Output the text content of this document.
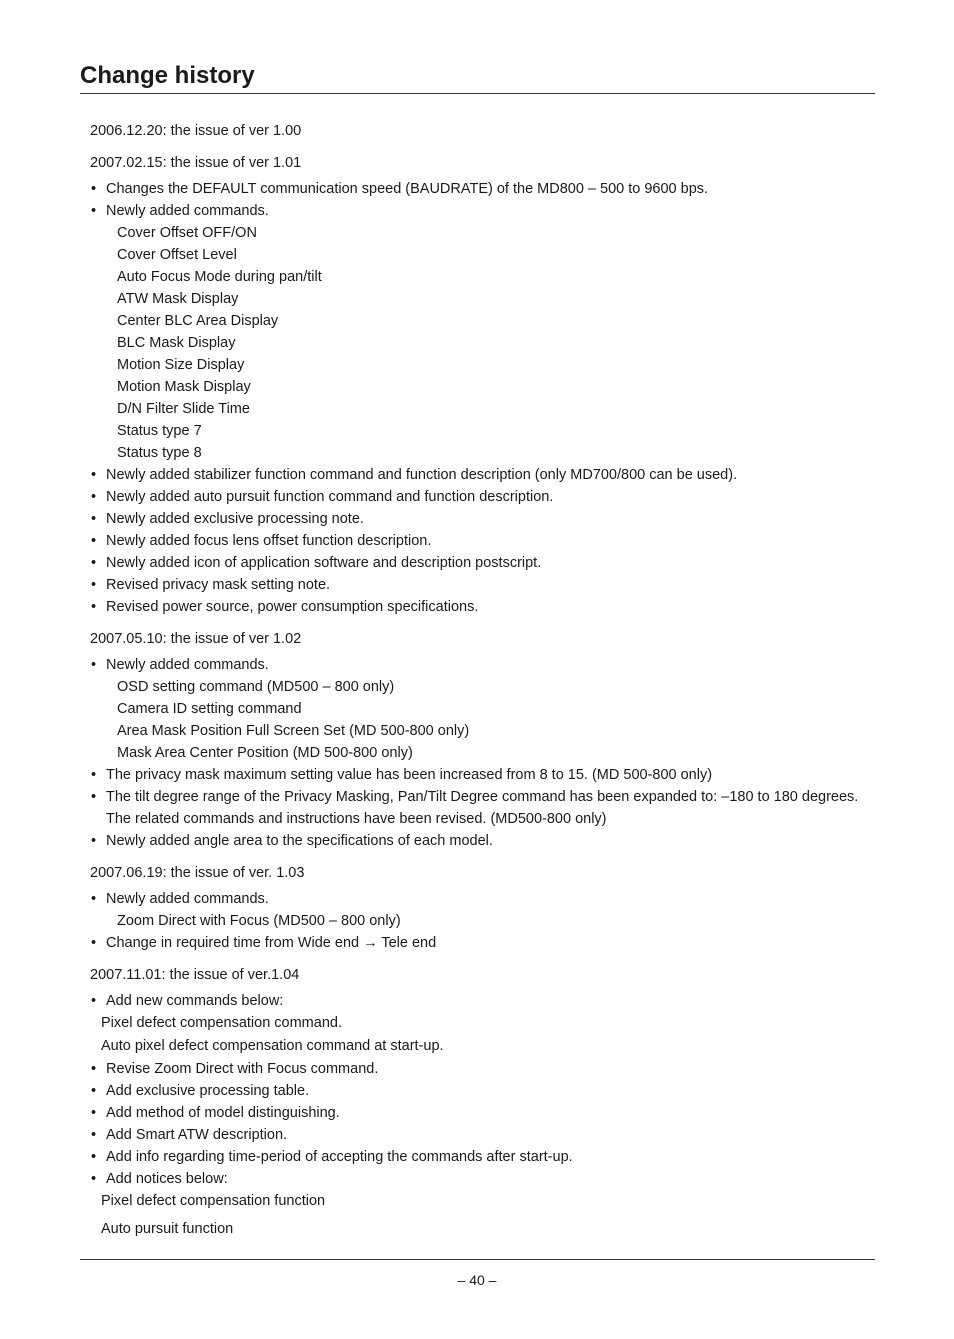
Change history

2006.12.20: the issue of ver 1.00

2007.02.15: the issue of ver 1.01

• Changes the DEFAULT communication speed (BAUDRATE) of the MD800 – 500 to 9600 bps.
• Newly added commands.
Cover Offset OFF/ON
Cover Offset Level
Auto Focus Mode during pan/tilt
ATW Mask Display
Center BLC Area Display
BLC Mask Display
Motion Size Display
Motion Mask Display
D/N Filter Slide Time
Status type 7
Status type 8
• Newly added stabilizer function command and function description (only MD700/800 can be used).
• Newly added auto pursuit function command and function description.
• Newly added exclusive processing note.
• Newly added focus lens offset function description.
• Newly added icon of application software and description postscript.
• Revised privacy mask setting note.
• Revised power source, power consumption specifications.

2007.05.10: the issue of ver 1.02

• Newly added commands.
OSD setting command (MD500 – 800 only)
Camera ID setting command
Area Mask Position Full Screen Set (MD 500-800 only)
Mask Area Center Position (MD 500-800 only)
• The privacy mask maximum setting value has been increased from 8 to 15. (MD 500-800 only)
• The tilt degree range of the Privacy Masking, Pan/Tilt Degree command has been expanded to: –180 to 180 degrees. The related commands and instructions have been revised. (MD500-800 only)
• Newly added angle area to the specifications of each model.

2007.06.19: the issue of ver. 1.03

• Newly added commands.
Zoom Direct with Focus (MD500 – 800 only)
• Change in required time from Wide end → Tele end

2007.11.01: the issue of ver.1.04

• Add new commands below:
Pixel defect compensation command.
Auto pixel defect compensation command at start-up.
• Revise Zoom Direct with Focus command.
• Add exclusive processing table.
• Add method of model distinguishing.
• Add Smart ATW description.
• Add info regarding time-period of accepting the commands after start-up.
• Add notices below:
Pixel defect compensation function
Auto pursuit function
– 40 –
